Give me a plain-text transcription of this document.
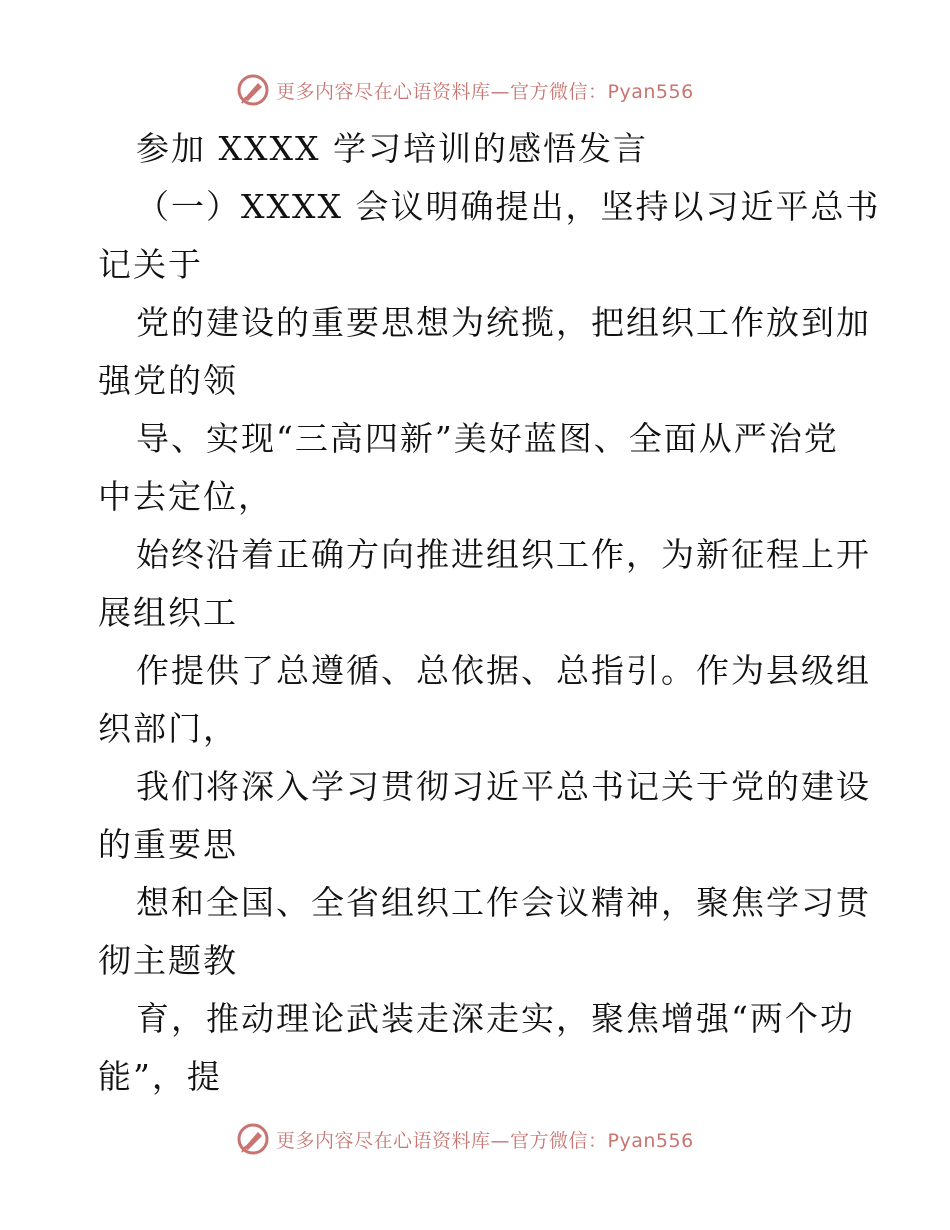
更多内容尽在心语资料库—官方微信：Pyan556
参加 XXXX 学习培训的感悟发言
（一）XXXX 会议明确提出，坚持以习近平总书
记关于
党的建设的重要思想为统揽，把组织工作放到加
强党的领
导、实现“三高四新”美好蓝图、全面从严治党
中去定位，
始终沿着正确方向推进组织工作，为新征程上开
展组织工
作提供了总遵循、总依据、总指引。作为县级组
织部门，
我们将深入学习贯彻习近平总书记关于党的建设
的重要思
想和全国、全省组织工作会议精神，聚焦学习贯
彻主题教
育，推动理论武装走深走实，聚焦增强“两个功
能”，提
更多内容尽在心语资料库—官方微信：Pyan556
